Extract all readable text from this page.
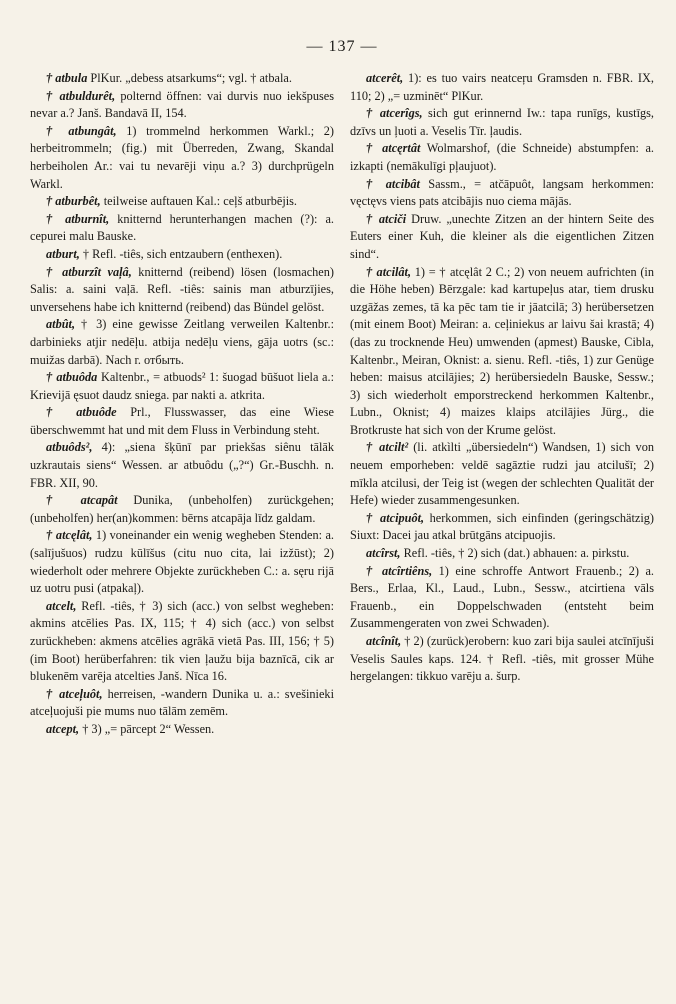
— 137 —

† atbula PlKur. „debess atsarkums“; vgl. † atbala.

† atbuldurêt, polternd öffnen: vai durvis nuo iekšpuses nevar a.? Janš. Bandavā II, 154.

† atbungât, 1) trommelnd herkommen Warkl.; 2) herbeitrommeln; (fig.) mit Überreden, Zwang, Skandal herbeiholen Ar.: vai tu nevarēji viņu a.? 3) durchprügeln Warkl.

† atburbêt, teilweise auftauen Kal.: ceļš atburbējis.

† atburnît, knitternd herunterhangen machen (?): a. cepurei malu Bauske.

atburt, † Refl. -tiês, sich entzaubern (enthexen).

† atburzît vaļâ, knitternd (reibend) lösen (losmachen) Salis: a. saini vaļā. Refl. -tiês: sainis man atburzījies, unversehens habe ich knitternd (reibend) das Bündel gelöst.

atbût, † 3) eine gewisse Zeitlang verweilen Kaltenbr.: darbinieks atjir nedēļu. atbija nedēļu viens, gāja uotrs (sc.: muižas darbā). Nach r. отбыть.

† atbuôda Kaltenbr., = atbuods² 1: šuogad būšuot liela a.: Krievijā ęsuot daudz sniega. par nakti a. atkrita.

† atbuôde Prl., Flusswasser, das eine Wiese überschwemmt hat und mit dem Fluss in Verbindung steht.

atbuôds², 4): „siena šķūnī par priekšas siênu tālāk uzkrautais siens“ Wessen. ar atbuôdu („?“) Gr.-Buschh. n. FBR. XII, 90.

† atcapât Dunika, (unbeholfen) zurückgehen; (unbeholfen) her(an)kommen: bērns atcapāja līdz galdam.

† atcęlât, 1) voneinander ein wenig wegheben Stenden: a. (salījušuos) rudzu kūlīšus (citu nuo cita, lai izžūst); 2) wiederholt oder mehrere Objekte zurückheben C.: a. sęru rijā uz uotru pusi (atpakaļ).

atcelt, Refl. -tiês, † 3) sich (acc.) von selbst wegheben: akmins atcēlies Pas. IX, 115; † 4) sich (acc.) von selbst zurückheben: akmens atcēlies agrākā vietā Pas. III, 156; † 5) (im Boot) herüberfahren: tik vien ļaužu bija baznīcā, cik ar blukenēm varēja atcelties Janš. Nīca 16.

† atceļuôt, herreisen, -wandern Dunika u. a.: svešinieki atceļuojuši pie mums nuo tālām zemēm.

atcept, † 3) „= pārcept 2“ Wessen.

atcerêt, 1): es tuo vairs neatceŗu Gramsden n. FBR. IX, 110; 2) „= uzminēt“ PlKur.

† atcerîgs, sich gut erinnernd Iw.: tapa runīgs, kustīgs, dzīvs un ļuoti a. Veselis Tīr. ļaudis.

† atcęrtât Wolmarshof, (die Schneide) abstumpfen: a. izkapti (nemākulīgi pļaujuot).

† atcibât Sassm., = atčāpuôt, langsam herkommen: vęctęvs viens pats atcibājis nuo ciema mājās.

† atciči Druw. „unechte Zitzen an der hintern Seite des Euters einer Kuh, die kleiner als die eigentlichen Zitzen sind“.

† atcilât, 1) = † atcęlât 2 C.; 2) von neuem aufrichten (in die Höhe heben) Bērzgale: kad kartupeļus atar, tiem drusku uzgāžas zemes, tā ka pēc tam tie ir jāatcilā; 3) herübersetzen (mit einem Boot) Meiran: a. ceļiniekus ar laivu šai krastā; 4) (das zu trocknende Heu) umwenden (apmest) Bauske, Cibla, Kaltenbr., Meiran, Oknist: a. sienu. Refl. -tiês, 1) zur Genüge heben: maisus atcilājies; 2) herübersiedeln Bauske, Sessw.; 3) sich wiederholt emporstreckend herkommen Kaltenbr., Lubn., Oknist; 4) maizes klaips atcilājies Jürg., die Brotkruste hat sich von der Krume gelöst.

† atcilt² (li. atkìlti „übersiedeln“) Wandsen, 1) sich von neuem emporheben: veldē sagāztie rudzi jau atcilušī; 2) mīkla atcilusi, der Teig ist (wegen der schlechten Qualität der Hefe) wieder zusammengesunken.

† atcipuôt, herkommen, sich einfinden (geringschätzig) Siuxt: Dacei jau atkal brūtgāns atcipuojis.

atcîrst, Refl. -tiês, † 2) sich (dat.) abhauen: a. pirkstu.

† atcîrtiêns, 1) eine schroffe Antwort Frauenb.; 2) a. Bers., Erlaa, Kl., Laud., Lubn., Sessw., atcirtiena vāls Frauenb., ein Doppelschwaden (entsteht beim Zusammengeraten von zwei Schwaden).

atcînît, † 2) (zurück)erobern: kuo zari bija saulei atcīnījuši Veselis Saules kaps. 124. † Refl. -tiês, mit grosser Mühe hergelangen: tikkuo varēju a. šurp.
